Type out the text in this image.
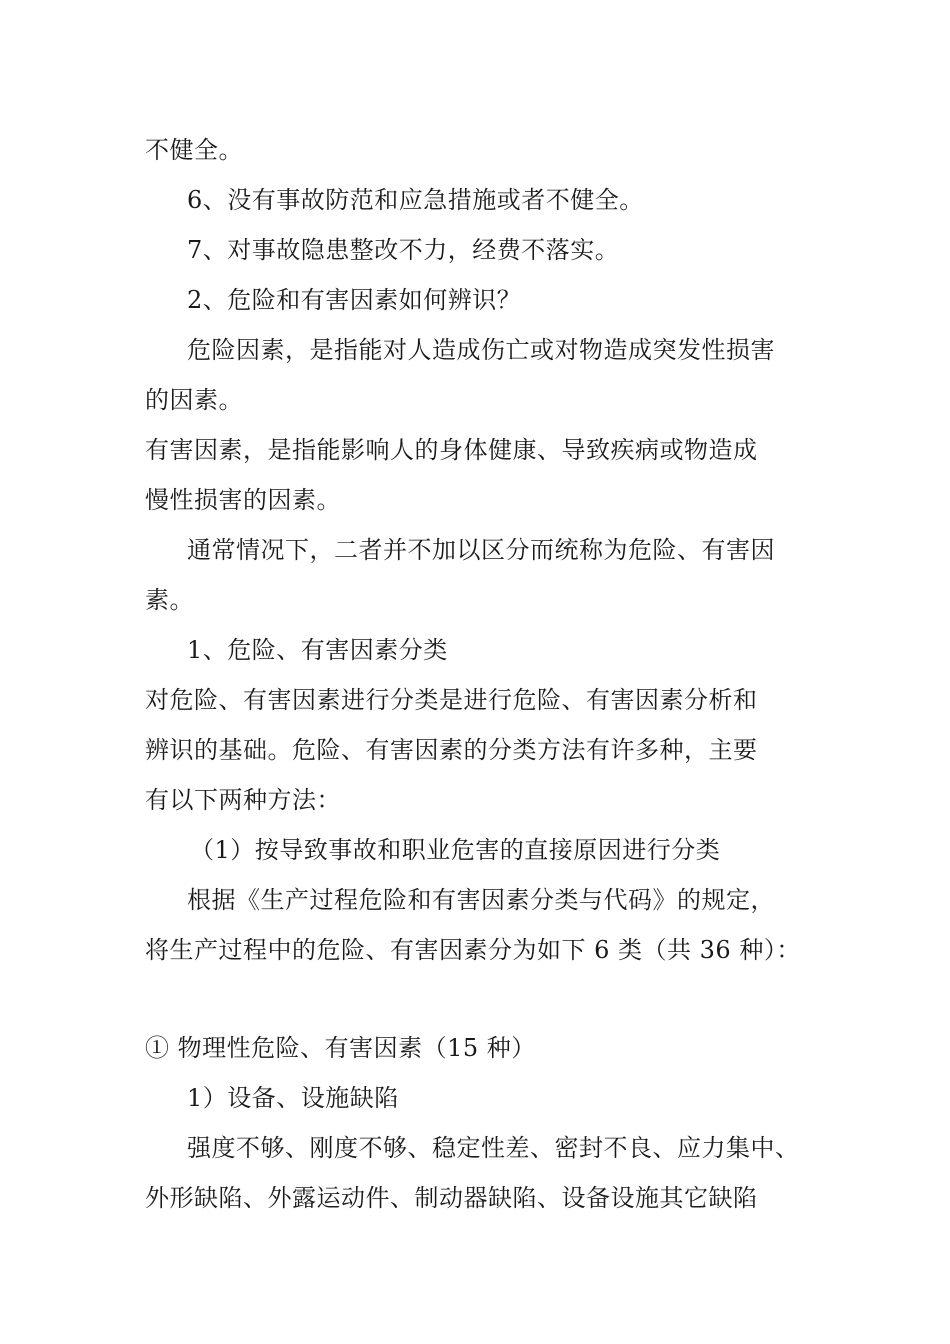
不健全。
6、没有事故防范和应急措施或者不健全。
7、对事故隐患整改不力，经费不落实。
2、危险和有害因素如何辨识？
危险因素，是指能对人造成伤亡或对物造成突发性损害
的因素。
有害因素，是指能影响人的身体健康、导致疾病或物造成
慢性损害的因素。
通常情况下，二者并不加以区分而统称为危险、有害因
素。
1、危险、有害因素分类
对危险、有害因素进行分类是进行危险、有害因素分析和
辨识的基础。危险、有害因素的分类方法有许多种，主要
有以下两种方法：
（1）按导致事故和职业危害的直接原因进行分类
根据《生产过程危险和有害因素分类与代码》的规定，
将生产过程中的危险、有害因素分为如下 6 类（共 36 种）：
① 物理性危险、有害因素（15 种）
1）设备、设施缺陷
强度不够、刚度不够、稳定性差、密封不良、应力集中、
外形缺陷、外露运动件、制动器缺陷、设备设施其它缺陷
